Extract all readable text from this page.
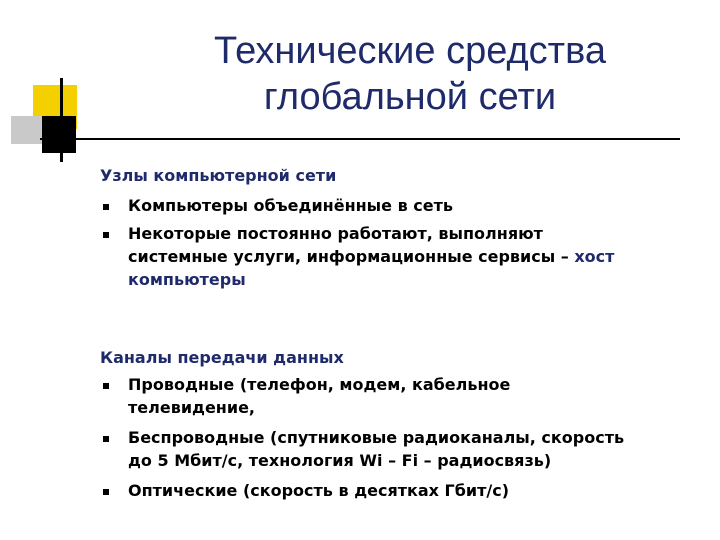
Технические средства
глобальной сети
Узлы компьютерной сети
Компьютеры объединённые в сеть
Некоторые постоянно работают, выполняют
системные услуги, информационные сервисы – хост
компьютеры
Каналы передачи данных
Проводные (телефон, модем, кабельное
телевидение,
Беспроводные (спутниковые радиоканалы, скорость
до 5 Мбит/с, технология Wi – Fi – радиосвязь)
Оптические (скорость в десятках Гбит/с)
